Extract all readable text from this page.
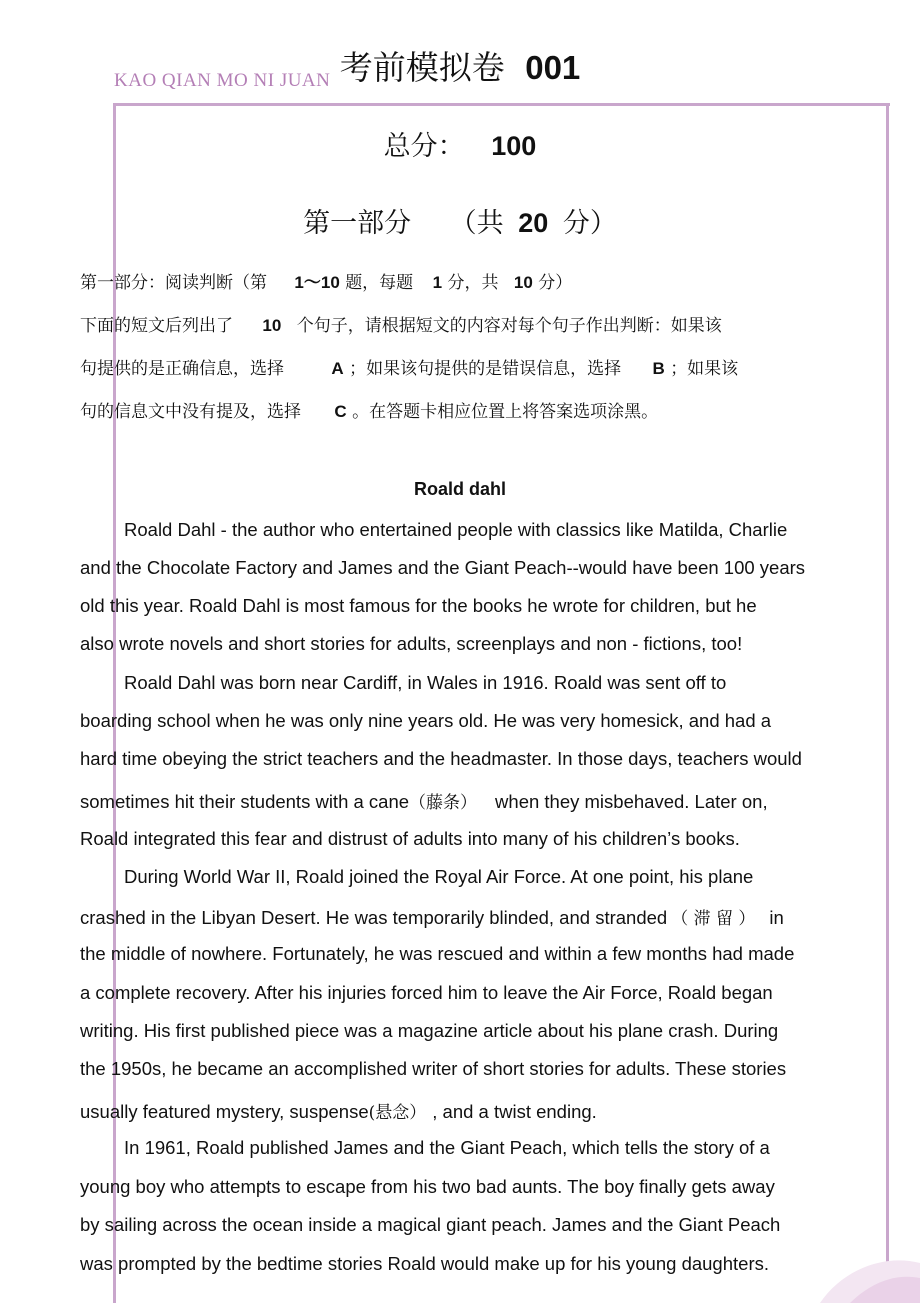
KAO QIAN MO NI JUAN 考前模拟卷 001
总分： 100
第一部分 （共 20 分）
第一部分：阅读判断（第 1～10 题，每题 1 分，共 10 分）
下面的短文后列出了 10 个句子，请根据短文的内容对每个句子作出判断：如果该
句提供的是正确信息，选择	A ；如果该句提供的是错误信息，选择 B ；如果该
句的信息文中没有提及，选择 C 。在答题卡相应位置上将答案选项涂黑。
Roald dahl
Roald Dahl - the author who entertained people with classics like Matilda, Charlie
and the Chocolate Factory and James and the Giant Peach--would have been 100 years
old this year. Roald Dahl is most famous for the books he wrote for children, but he
also wrote novels and short stories for adults, screenplays and non - fictions, too!
Roald Dahl was born near Cardiff, in Wales in 1916. Roald was sent off to
boarding school when he was only nine years old. He was very homesick, and had a
hard time obeying the strict teachers and the headmaster. In those days, teachers would
sometimes hit their students with a cane（藤条） when they misbehaved. Later on,
Roald integrated this fear and distrust of adults into many of his children’s books.
During World War II, Roald joined the Royal Air Force. At one point, his plane
crashed in the Libyan Desert. He was temporarily blinded, and stranded （ 滞 留 ） in
the middle of nowhere. Fortunately, he was rescued and within a few months had made
a complete recovery. After his injuries forced him to leave the Air Force, Roald began
writing. His first published piece was a magazine article about his plane crash. During
the 1950s, he became an accomplished writer of short stories for adults. These stories
usually featured mystery, suspense(悬念） , and a twist ending.
In 1961, Roald published James and the Giant Peach, which tells the story of a
young boy who attempts to escape from his two bad aunts. The boy finally gets away
by sailing across the ocean inside a magical giant peach. James and the Giant Peach
was prompted by the bedtime stories Roald would make up for his young daughters.
